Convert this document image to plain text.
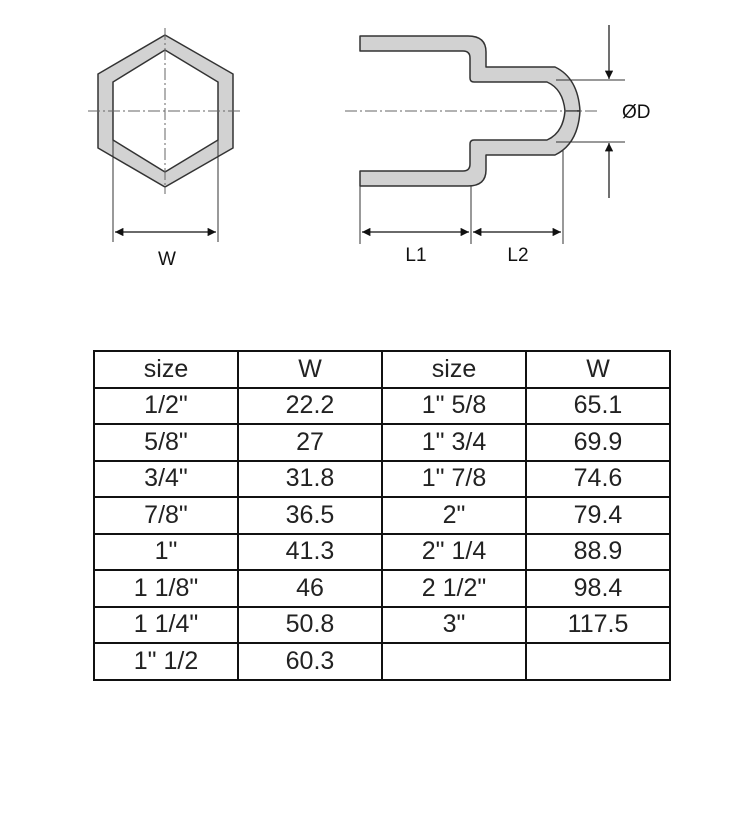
W
ØD
L1	L2
size	W	size	W
1/2"	22.2	1" 5/8	65.1
5/8"	27	1" 3/4	69.9
3/4"	31.8	1" 7/8	74.6
7/8"	36.5	2"	79.4
1"	41.3	2" 1/4	88.9
1 1/8"	46	2 1/2"	98.4
1 1/4"	50.8	3"	117.5
1" 1/2	60.3		
